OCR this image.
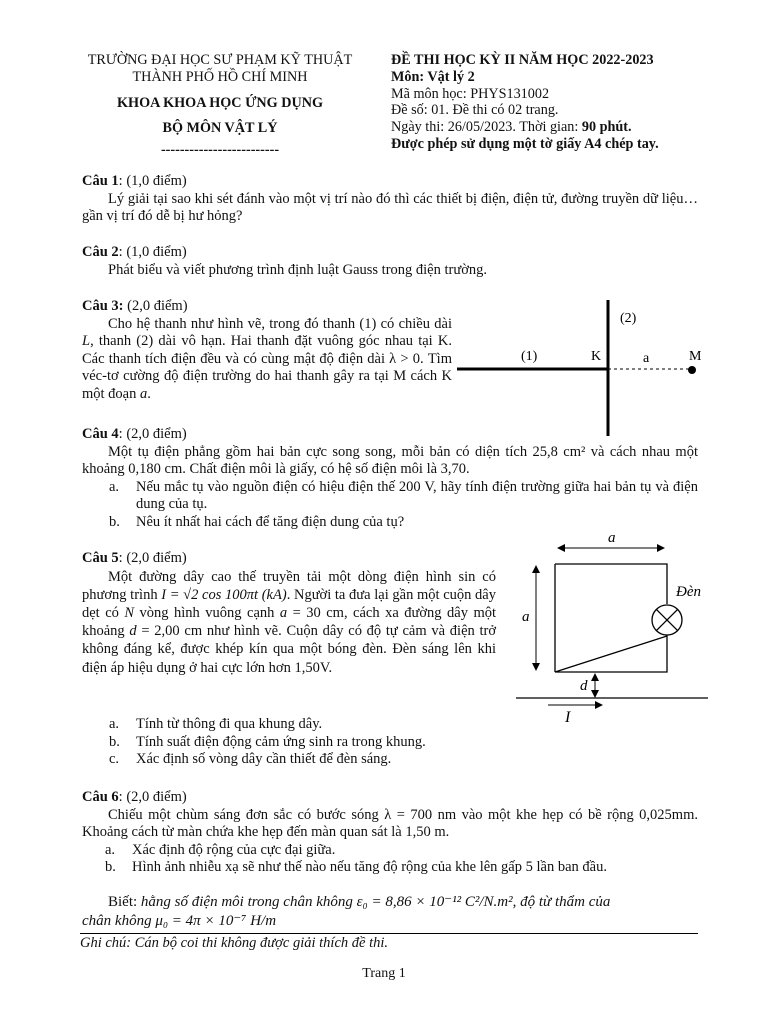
TRƯỜNG ĐẠI HỌC SƯ PHẠM KỸ THUẬT
THÀNH PHỐ HỒ CHÍ MINH
KHOA KHOA HỌC ỨNG DỤNG
BỘ MÔN VẬT LÝ
-------------------------
ĐỀ THI HỌC KỲ II NĂM HỌC 2022-2023
Môn: Vật lý 2
Mã môn học: PHYS131002
Đề số: 01. Đề thi có 02 trang.
Ngày thi: 26/05/2023. Thời gian: 90 phút.
Được phép sử dụng một tờ giấy A4 chép tay.
Câu 1: (1,0 điểm)
Lý giải tại sao khi sét đánh vào một vị trí nào đó thì các thiết bị điện, điện tử, đường truyền dữ liệu…gần vị trí đó dễ bị hư hỏng?
Câu 2: (1,0 điểm)
Phát biểu và viết phương trình định luật Gauss trong điện trường.
Câu 3: (2,0 điểm)
Cho hệ thanh như hình vẽ, trong đó thanh (1) có chiều dài L, thanh (2) dài vô hạn. Hai thanh đặt vuông góc nhau tại K. Các thanh tích điện đều và có cùng mật độ điện dài λ > 0. Tìm véc-tơ cường độ điện trường do hai thanh gây ra tại M cách K một đoạn a.
(2)
(1)	K	a	M
Câu 4: (2,0 điểm)
Một tụ điện phẳng gồm hai bản cực song song, mỗi bản có diện tích 25,8 cm² và cách nhau một khoảng 0,180 cm. Chất điện môi là giấy, có hệ số điện môi là 3,70.
a.	Nếu mắc tụ vào nguồn điện có hiệu điện thế 200 V, hãy tính điện trường giữa hai bản tụ và điện dung của tụ.
b.	Nêu ít nhất hai cách để tăng điện dung của tụ?
Câu 5: (2,0 điểm)
Một đường dây cao thế truyền tải một dòng điện hình sin có phương trình I = √2 cos 100πt (kA). Người ta đưa lại gần một cuộn dây dẹt có N vòng hình vuông cạnh a = 30 cm, cách xa đường dây một khoảng d = 2,00 cm như hình vẽ. Cuộn dây có độ tự cảm và điện trở không đáng kể, được khép kín qua một bóng đèn. Đèn sáng lên khi điện áp hiệu dụng ở hai cực lớn hơn 1,50V.
a.	Tính từ thông đi qua khung dây.
b.	Tính suất điện động cảm ứng sinh ra trong khung.
c.	Xác định số vòng dây cần thiết để đèn sáng.
a
a
Đèn
d
I
Câu 6: (2,0 điểm)
Chiếu một chùm sáng đơn sắc có bước sóng λ = 700 nm vào một khe hẹp có bề rộng 0,025mm. Khoảng cách từ màn chứa khe hẹp đến màn quan sát là 1,50 m.
a.	Xác định độ rộng của cực đại giữa.
b.	Hình ảnh nhiễu xạ sẽ như thế nào nếu tăng độ rộng của khe lên gấp 5 lần ban đầu.
Biết: hằng số điện môi trong chân không ε₀ = 8,86 × 10⁻¹² C²/N.m², độ từ thẩm của
chân không μ₀ = 4π × 10⁻⁷ H/m
Ghi chú: Cán bộ coi thi không được giải thích đề thi.
Trang 1
